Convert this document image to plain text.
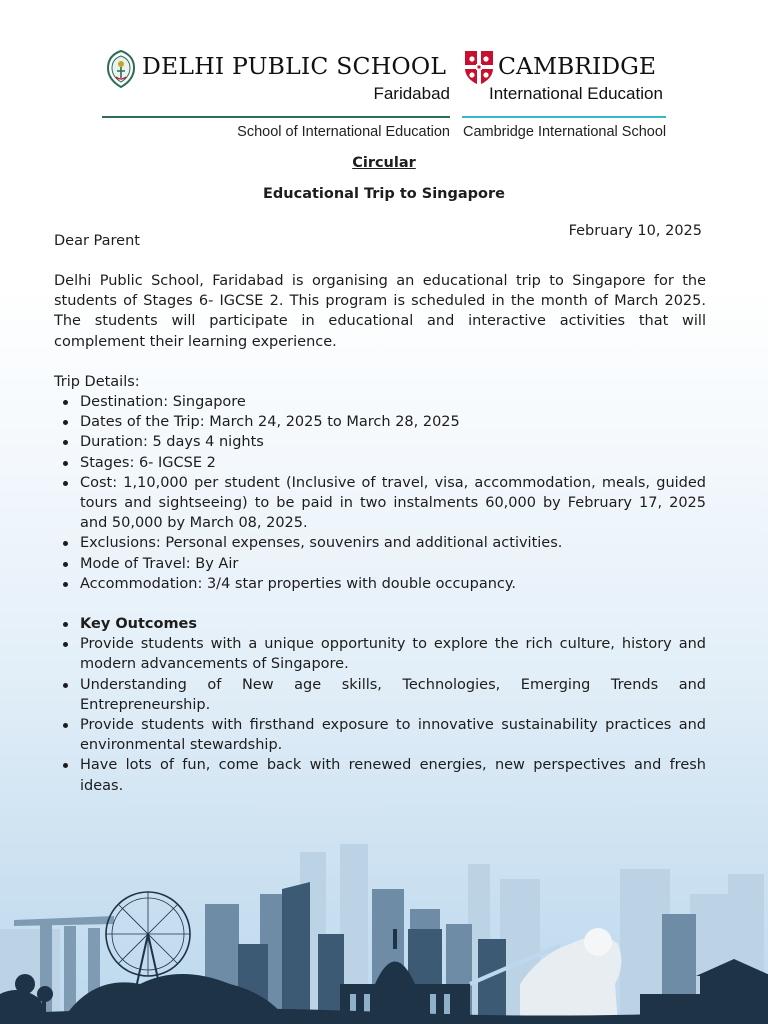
DELHI PUBLIC SCHOOL
Faridabad
CAMBRIDGE
International Education
School of International Education Cambridge International School
Circular
Educational Trip to Singapore
February 10, 2025
Dear Parent

Delhi Public School, Faridabad is organising an educational trip to Singapore for the students of Stages 6- IGCSE 2. This program is scheduled in the month of March 2025. The students will participate in educational and interactive activities that will complement their learning experience.

Trip Details:

Destination: Singapore
Dates of the Trip: March 24, 2025 to March 28, 2025
Duration: 5 days 4 nights
Stages: 6- IGCSE 2
Cost: 1,10,000 per student (Inclusive of travel, visa, accommodation, meals, guided tours and sightseeing) to be paid in two instalments 60,000 by February 17, 2025 and 50,000 by March 08, 2025.
Exclusions: Personal expenses, souvenirs and additional activities.
Mode of Travel: By Air
Accommodation: 3/4 star properties with double occupancy.
Key Outcomes
Provide students with a unique opportunity to explore the rich culture, history and modern advancements of Singapore.
Understanding of New age skills, Technologies, Emerging Trends and Entrepreneurship.
Provide students with firsthand exposure to innovative sustainability practices and environmental stewardship.
Have lots of fun, come back with renewed energies, new perspectives and fresh ideas.
